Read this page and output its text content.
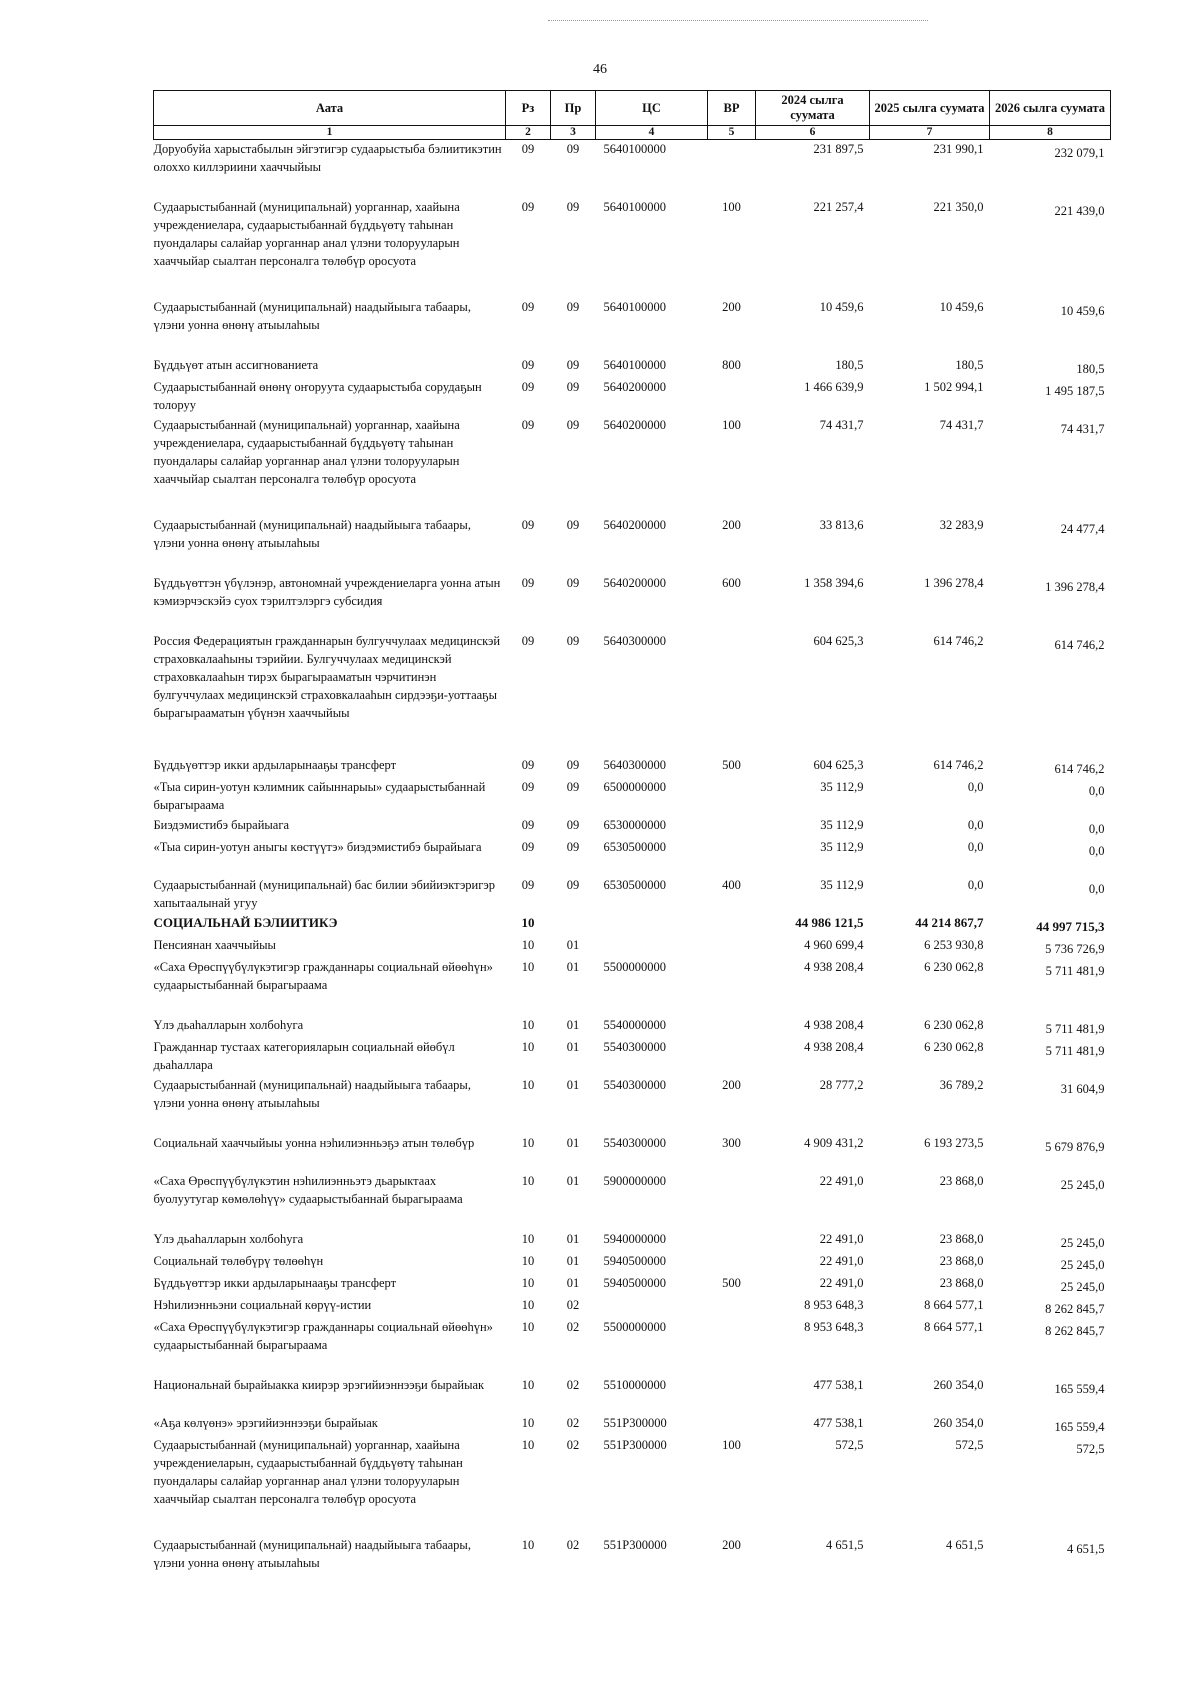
46
Аата	Рз	Пр	ЦС	ВР	2024 сылга суумата	2025 сылга суумата	2026 сылга суумата
1	2	3	4	5	6	7	8
Доруобуйа харыстабылын эйгэтигэр судаарыстыба бэлиитикэтин олоххо киллэриини хааччыйыы	09	09	5640100000		231 897,5	231 990,1	232 079,1
Судаарыстыбаннай (муниципальнай) уорганнар, хаайына учреждениелара, судаарыстыбаннай бүддьүөтү таһынан пуондалары салайар уорганнар анал үлэни толорууларын хааччыйар сыалтан персоналга төлөбүр оросуота	09	09	5640100000	100	221 257,4	221 350,0	221 439,0
Судаарыстыбаннай (муниципальнай) наадыйыыга табаары, үлэни уонна өнөнү атыылаһыы	09	09	5640100000	200	10 459,6	10 459,6	10 459,6
Бүддьүөт атын ассигнованиета	09	09	5640100000	800	180,5	180,5	180,5
Судаарыстыбаннай өнөнү оҥоруута судаарыстыба сорудаҕын толоруу	09	09	5640200000		1 466 639,9	1 502 994,1	1 495 187,5
Судаарыстыбаннай (муниципальнай) уорганнар, хаайына учреждениелара, судаарыстыбаннай бүддьүөтү таһынан пуондалары салайар уорганнар анал үлэни толорууларын хааччыйар сыалтан персоналга төлөбүр оросуота	09	09	5640200000	100	74 431,7	74 431,7	74 431,7
Судаарыстыбаннай (муниципальнай) наадыйыыга табаары, үлэни уонна өнөнү атыылаһыы	09	09	5640200000	200	33 813,6	32 283,9	24 477,4
Бүддьүөттэн үбүлэнэр, автономнай учреждениеларга уонна атын кэмиэрчэскэйэ суох тэрилтэлэргэ субсидия	09	09	5640200000	600	1 358 394,6	1 396 278,4	1 396 278,4
Россия Федерациятын гражданнарын булгуччулаах медицинскэй страховкалааһыны тэрийии. Булгуччулаах медицинскэй страховкалааһын тирэх бырагырааматын чэрчитинэн булгуччулаах медицинскэй страховкалааһын сирдээҕи-уоттааҕы бырагырааматын үбүнэн хааччыйыы	09	09	5640300000		604 625,3	614 746,2	614 746,2
Бүддьүөттэр икки ардыларынааҕы трансферт	09	09	5640300000	500	604 625,3	614 746,2	614 746,2
«Тыа сирин-уотун кэлимник сайыннарыы» судаарыстыбаннай бырагыраама	09	09	6500000000		35 112,9	0,0	0,0
Биэдэмистибэ бырайыага	09	09	6530000000		35 112,9	0,0	0,0
«Тыа сирин-уотун аныгы көстүүтэ» биэдэмистибэ бырайыага	09	09	6530500000		35 112,9	0,0	0,0
Судаарыстыбаннай (муниципальнай) бас билии эбийиэктэригэр хапытаалынай угуу	09	09	6530500000	400	35 112,9	0,0	0,0
СОЦИАЛЬНАЙ БЭЛИИТИКЭ	10				44 986 121,5	44 214 867,7	44 997 715,3
Пенсиянан хааччыйыы	10	01			4 960 699,4	6 253 930,8	5 736 726,9
«Саха Өрөспүүбүлүкэтигэр гражданнары социальнай өйөөһүн» судаарыстыбаннай бырагыраама	10	01	5500000000		4 938 208,4	6 230 062,8	5 711 481,9
Үлэ дьаһалларын холбоһуга	10	01	5540000000		4 938 208,4	6 230 062,8	5 711 481,9
Гражданнар тустаах категорияларын социальнай өйөбүл дьаһаллара	10	01	5540300000		4 938 208,4	6 230 062,8	5 711 481,9
Судаарыстыбаннай (муниципальнай) наадыйыыга табаары, үлэни уонна өнөнү атыылаһыы	10	01	5540300000	200	28 777,2	36 789,2	31 604,9
Социальнай хааччыйыы уонна нэһилиэнньэҕэ атын төлөбүр	10	01	5540300000	300	4 909 431,2	6 193 273,5	5 679 876,9
«Саха Өрөспүүбүлүкэтин нэһилиэнньэтэ дьарыктаах буолуутугар көмөлөһүү» судаарыстыбаннай бырагыраама	10	01	5900000000		22 491,0	23 868,0	25 245,0
Үлэ дьаһалларын холбоһуга	10	01	5940000000		22 491,0	23 868,0	25 245,0
Социальнай төлөбүрү төлөөһүн	10	01	5940500000		22 491,0	23 868,0	25 245,0
Бүддьүөттэр икки ардыларынааҕы трансферт	10	01	5940500000	500	22 491,0	23 868,0	25 245,0
Нэһилиэнньэни социальнай көрүү-истии	10	02			8 953 648,3	8 664 577,1	8 262 845,7
«Саха Өрөспүүбүлүкэтигэр гражданнары социальнай өйөөһүн» судаарыстыбаннай бырагыраама	10	02	5500000000		8 953 648,3	8 664 577,1	8 262 845,7
Национальнай бырайыакка киирэр эрэгийиэннээҕи бырайыак	10	02	5510000000		477 538,1	260 354,0	165 559,4
«Аҕа көлүөнэ» эрэгийиэннээҕи бырайыак	10	02	551P300000		477 538,1	260 354,0	165 559,4
Судаарыстыбаннай (муниципальнай) уорганнар, хаайына учреждениеларын, судаарыстыбаннай бүддьүөтү таһынан пуондалары салайар уорганнар анал үлэни толорууларын хааччыйар сыалтан персоналга төлөбүр оросуота	10	02	551P300000	100	572,5	572,5	572,5
Судаарыстыбаннай (муниципальнай) наадыйыыга табаары, үлэни уонна өнөнү атыылаһыы	10	02	551P300000	200	4 651,5	4 651,5	4 651,5
